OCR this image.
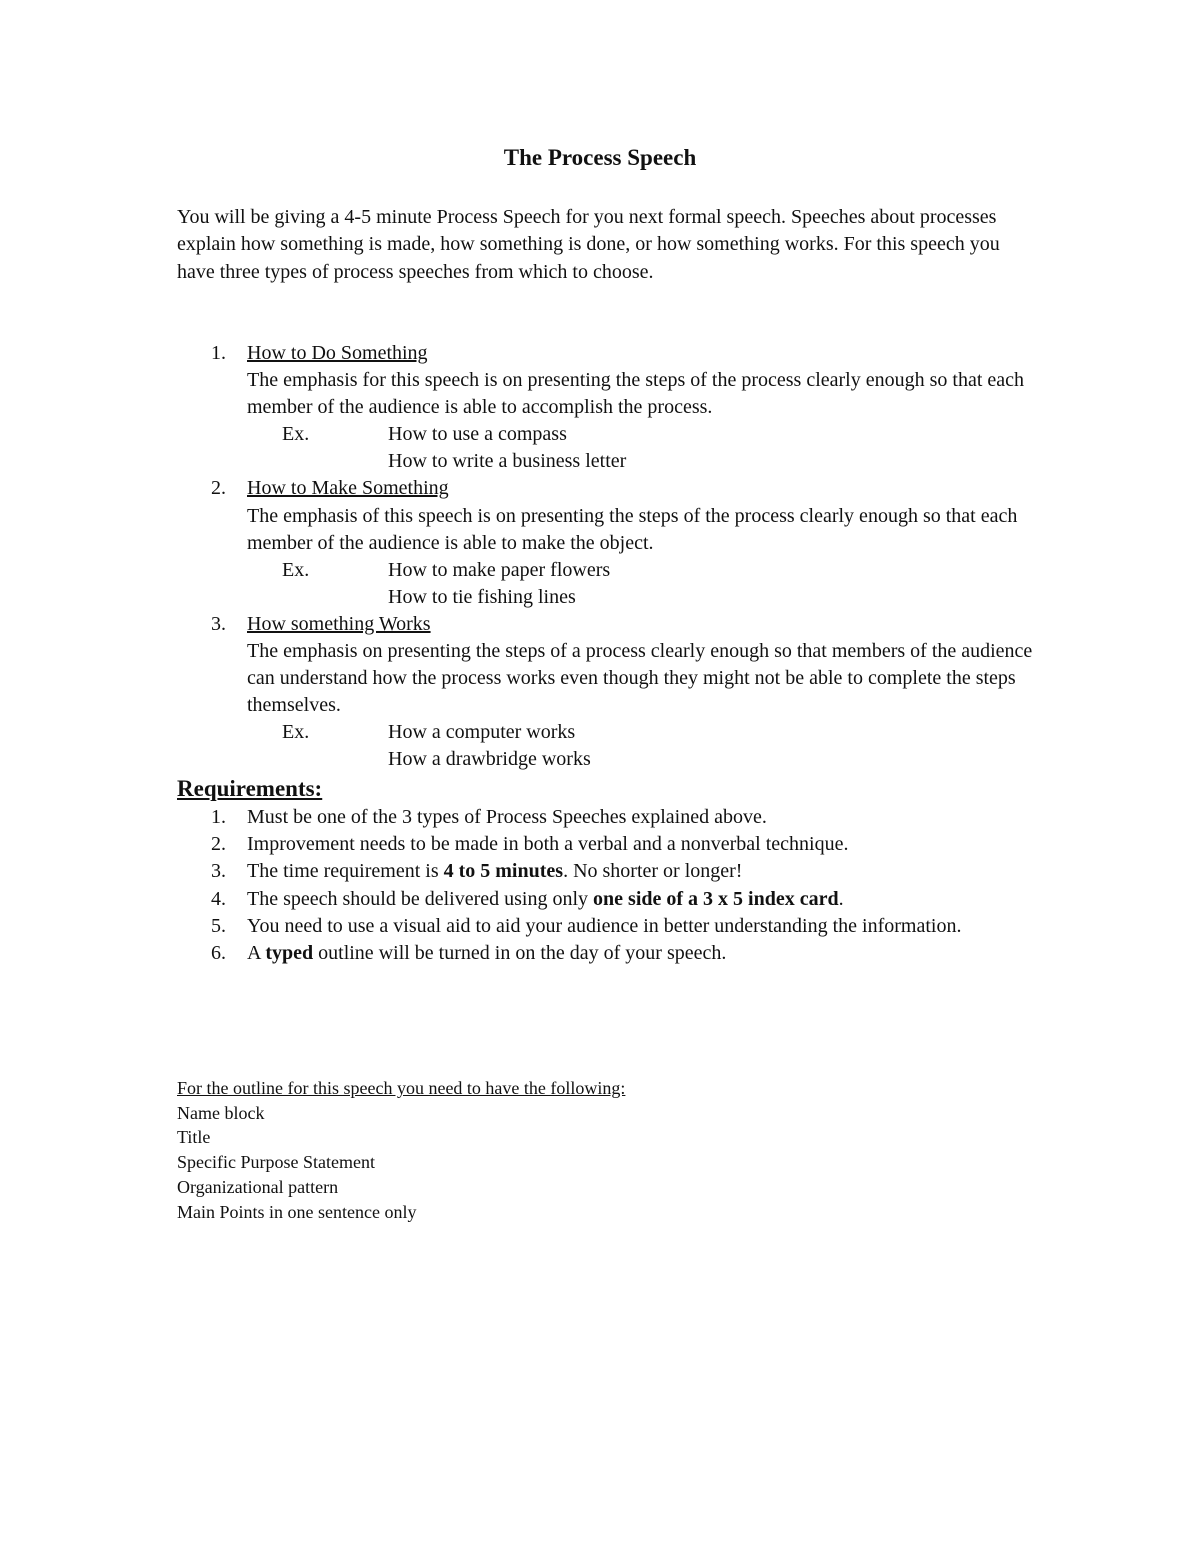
The Process Speech

You will be giving a 4-5 minute Process Speech for you next formal speech. Speeches about processes explain how something is made, how something is done, or how something works. For this speech you have three types of process speeches from which to choose.

1.	How to Do Something
The emphasis for this speech is on presenting the steps of the process clearly enough so that each member of the audience is able to accomplish the process.
Ex.	How to use a compass
How to write a business letter
2.	How to Make Something
The emphasis of this speech is on presenting the steps of the process clearly enough so that each member of the audience is able to make the object.
Ex.	How to make paper flowers
How to tie fishing lines
3.	How something Works
The emphasis on presenting the steps of a process clearly enough so that members of the audience can understand how the process works even though they might not be able to complete the steps themselves.
Ex.	How a computer works
How a drawbridge works
Requirements:
1.	Must be one of the 3 types of Process Speeches explained above.
2.	Improvement needs to be made in both a verbal and a nonverbal technique.
3.	The time requirement is 4 to 5 minutes. No shorter or longer!
4.	The speech should be delivered using only one side of a 3 x 5 index card.
5.	You need to use a visual aid to aid your audience in better understanding the information.
6.	A typed outline will be turned in on the day of your speech.
For the outline for this speech you need to have the following:
Name block
Title
Specific Purpose Statement
Organizational pattern
Main Points in one sentence only
